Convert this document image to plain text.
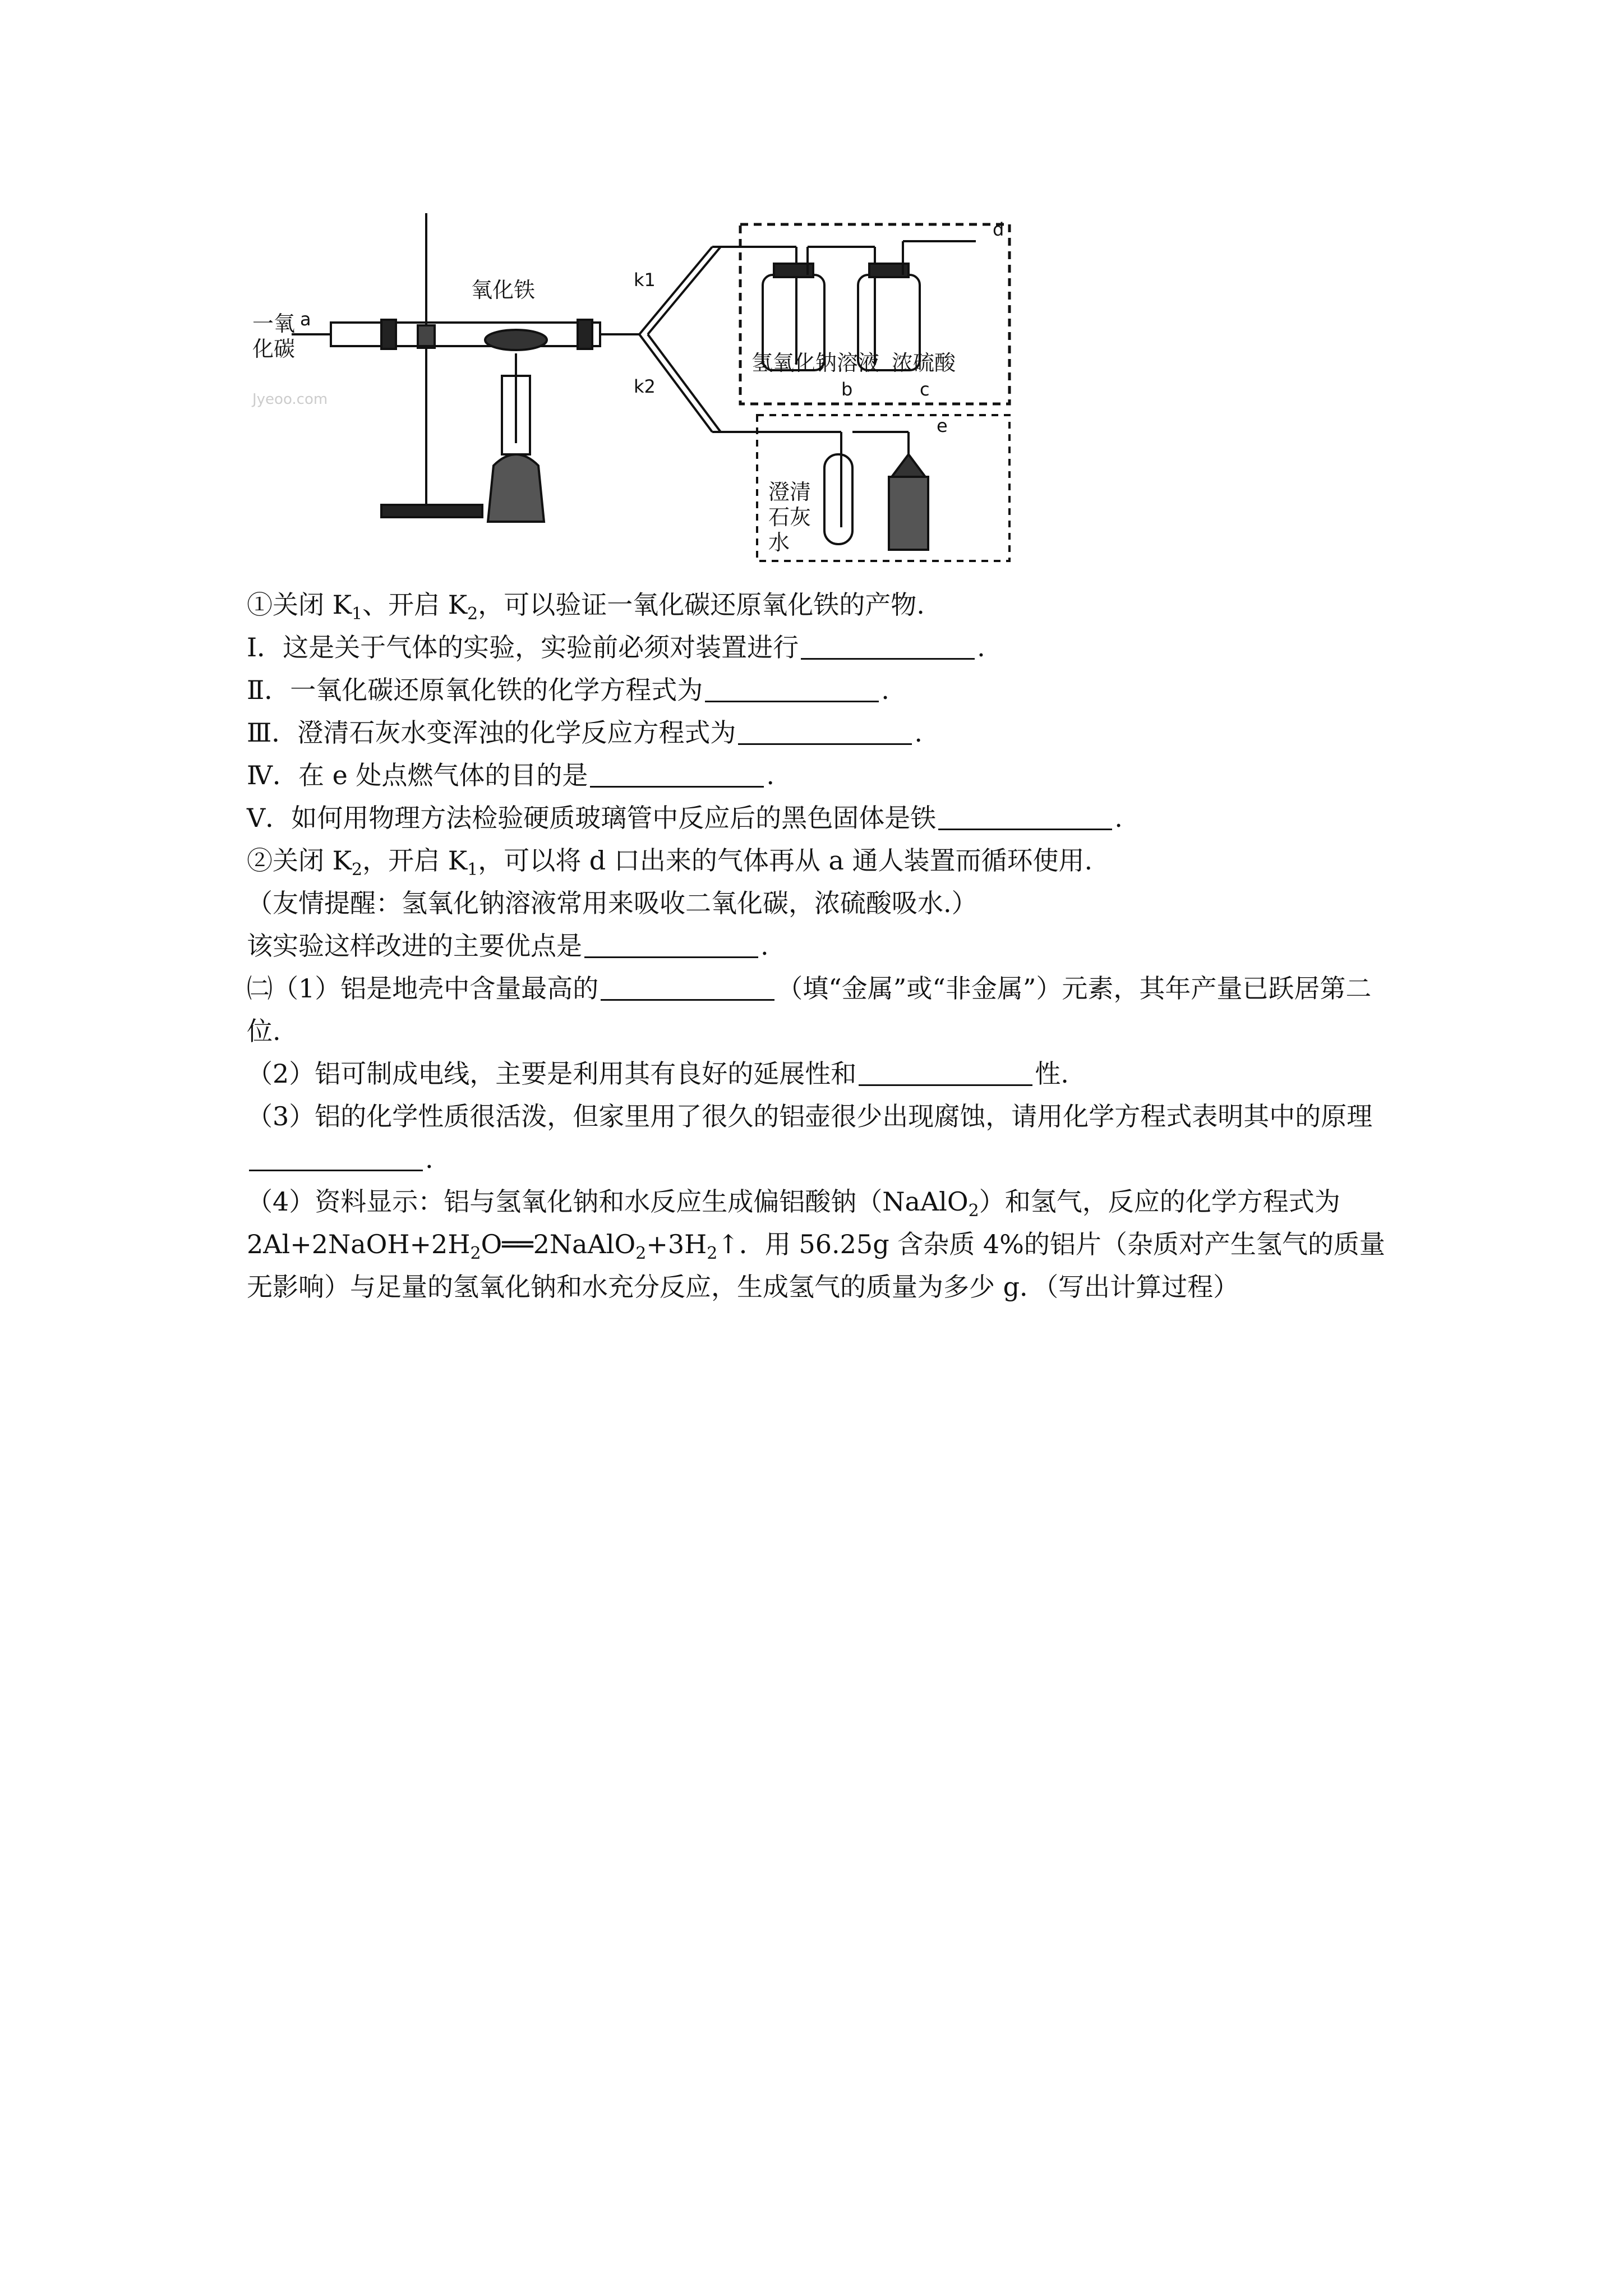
一氧
化碳
a
氧化铁	k1
k2
d
氢氧化钠溶液 浓硫酸
b	c
e
澄清
石灰
水
Jyeoo.com
①关闭 $K_1$、开启 $K_2$，可以验证一氧化碳还原氧化铁的产物.
Ⅰ．这是关于气体的实验，实验前必须对装置进行	.
Ⅱ．一氧化碳还原氧化铁的化学方程式为	.
Ⅲ．澄清石灰水变浑浊的化学反应方程式为	.
Ⅳ．在 e 处点燃气体的目的是	.
Ⅴ．如何用物理方法检验硬质玻璃管中反应后的黑色固体是铁	.
②关闭 $K_2$，开启 $K_1$，可以将 d 口出来的气体再从 a 通人装置而循环使用.
（友情提醒：氢氧化钠溶液常用来吸收二氧化碳，浓硫酸吸水.）
该实验这样改进的主要优点是	.
㈡（1）铝是地壳中含量最高的	（填“金属”或“非金属”）元素，其年产量已跃居第二位.
（2）铝可制成电线，主要是利用其有良好的延展性和	性.
（3）铝的化学性质很活泼，但家里用了很久的铝壶很少出现腐蚀，请用化学方程式表明其中的原理.
（4）资料显示：铝与氢氧化钠和水反应生成偏铝酸钠（NaAlO$_2$）和氢气，反应的化学方程式为 $2Al+2NaOH+2H_2O══2NaAlO_2+3H_2↑$．用 56.25g 含杂质 4%的铝片（杂质对产生氢气的质量无影响）与足量的氢氧化钠和水充分反应，生成氢气的质量为多少 g．（写出计算过程）
